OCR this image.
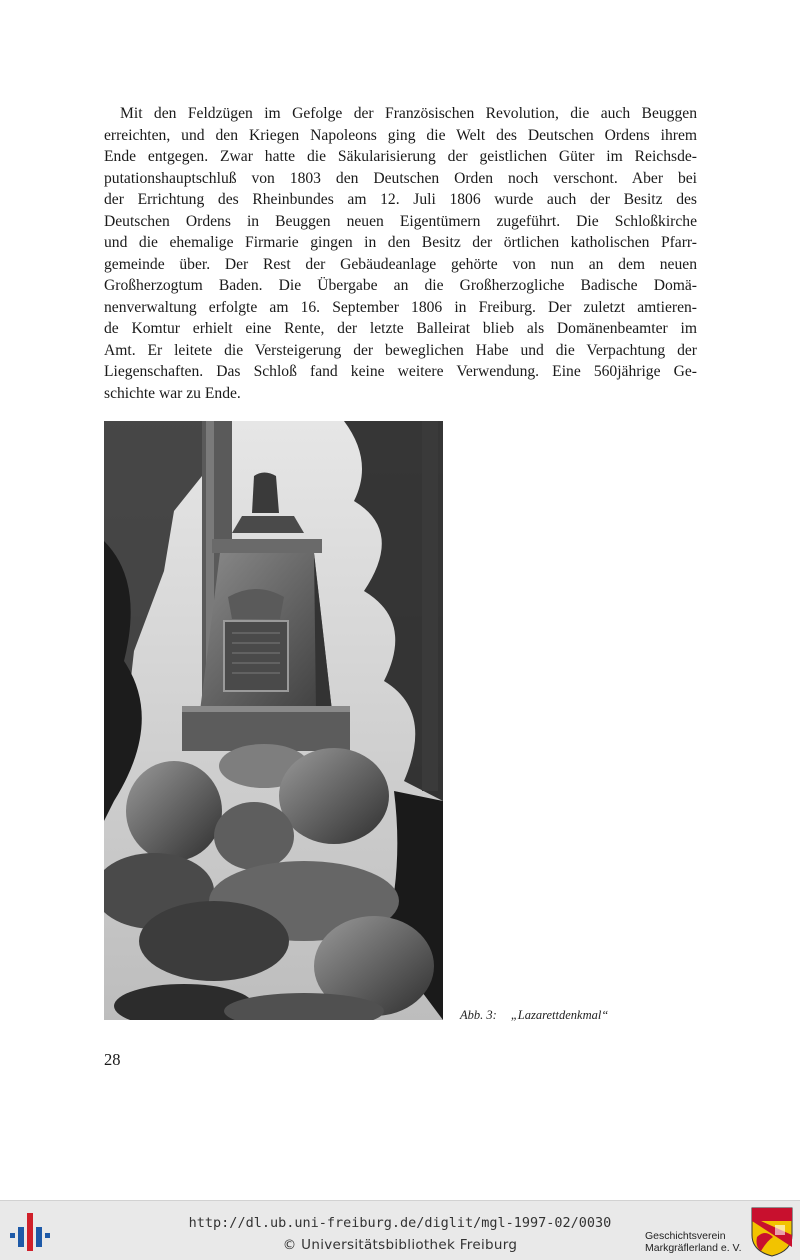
Mit den Feldzügen im Gefolge der Französischen Revolution, die auch Beuggen
erreichten, und den Kriegen Napoleons ging die Welt des Deutschen Ordens ihrem
Ende entgegen. Zwar hatte die Säkularisierung der geistlichen Güter im Reichsde-
putationshauptschluß von 1803 den Deutschen Orden noch verschont. Aber bei
der Errichtung des Rheinbundes am 12. Juli 1806 wurde auch der Besitz des
Deutschen Ordens in Beuggen neuen Eigentümern zugeführt. Die Schloßkirche
und die ehemalige Firmarie gingen in den Besitz der örtlichen katholischen Pfarr-
gemeinde über. Der Rest der Gebäudeanlage gehörte von nun an dem neuen
Großherzogtum Baden. Die Übergabe an die Großherzogliche Badische Domä-
nenverwaltung erfolgte am 16. September 1806 in Freiburg. Der zuletzt amtieren-
de Komtur erhielt eine Rente, der letzte Balleirat blieb als Domänenbeamter im
Amt. Er leitete die Versteigerung der beweglichen Habe und die Verpachtung der
Liegenschaften. Das Schloß fand keine weitere Verwendung. Eine 560jährige Ge-
schichte war zu Ende.
Abb. 3: „Lazarettdenkmal“
28
http://dl.ub.uni-freiburg.de/diglit/mgl-1997-02/0030
© Universitätsbibliothek Freiburg
Geschichtsverein
Markgräflerland e. V.
